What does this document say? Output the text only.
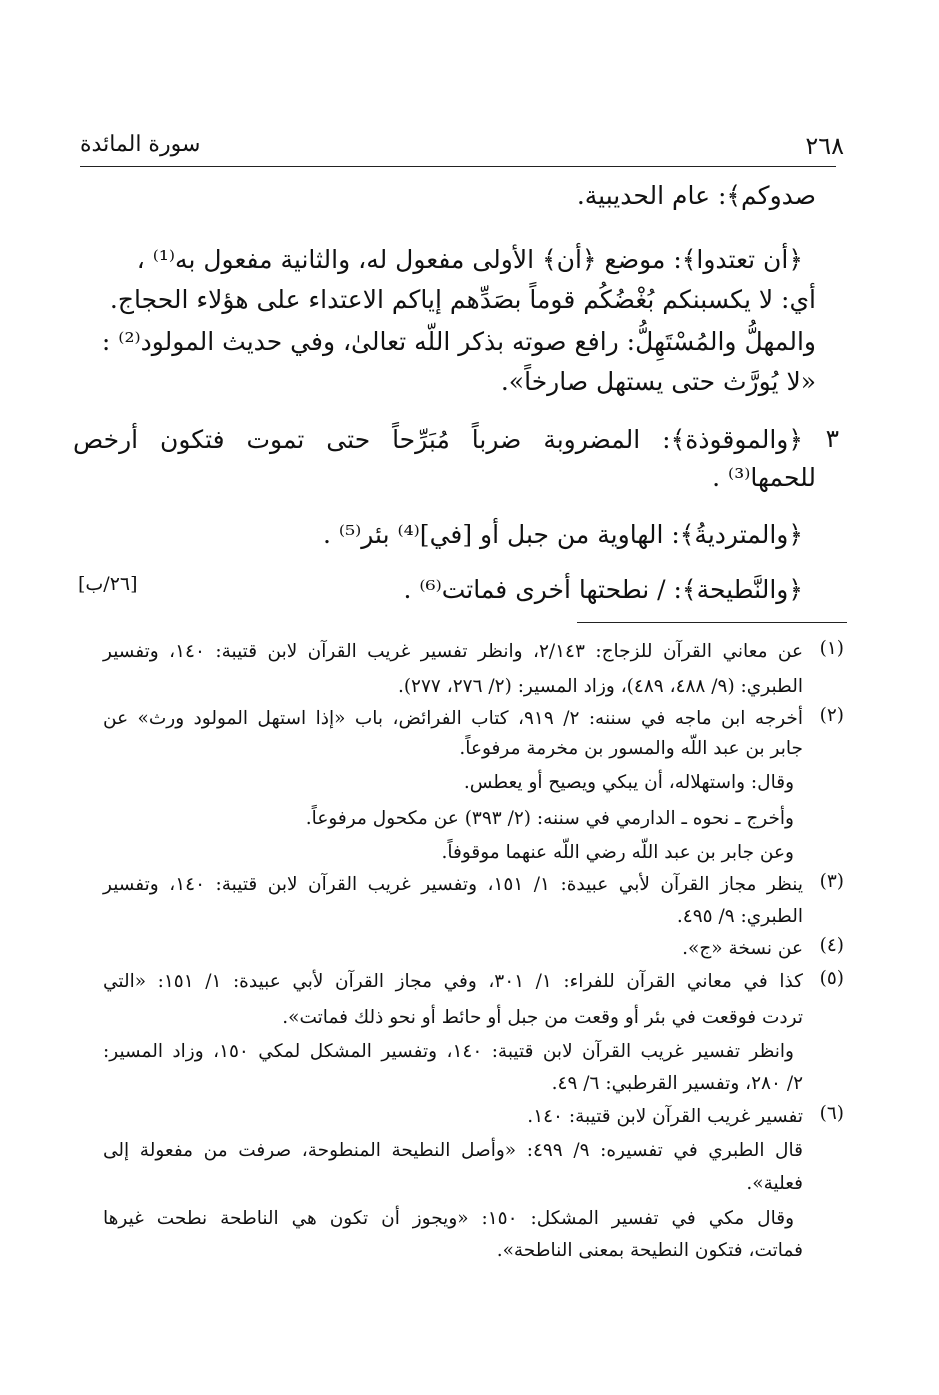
٢٦٨
سورة المائدة
صدوكم﴾: عام الحديبية.
﴿أن تعتدوا﴾: موضع ﴿أن﴾ الأولى مفعول له، والثانية مفعول به⁽¹⁾ ،
أي: لا يكسبنكم بُغْضُكُم قوماً بصَدِّهم إياكم الاعتداء على هؤلاء الحجاج.
والمهلُّ والمُسْتَهِلُّ: رافع صوته بذكر اللّه تعالىٰ، وفي حديث المولود⁽²⁾ :
«لا يُورَّث حتى يستهل صارخاً».
٣
﴿والموقوذة﴾: المضروبة ضرباً مُبَرِّحاً حتى تموت فتكون أرخص
للحمها⁽³⁾ .
﴿والمترديةُ﴾: الهاوية من جبل أو [في]⁽⁴⁾ بئر⁽⁵⁾ .
﴿والنَّطيحة﴾: / نطحتها أخرى فماتت⁽⁶⁾ .
[٢٦/ب]
(١)
عن معاني القرآن للزجاج: ٢/١٤٣، وانظر تفسير غريب القرآن لابن قتيبة: ١٤٠، وتفسير
الطبري: (٩/ ٤٨٨، ٤٨٩)، وزاد المسير: (٢/ ٢٧٦، ٢٧٧).
(٢)
أخرجه ابن ماجه في سننه: ٢/ ٩١٩، كتاب الفرائض، باب «إذا استهل المولود ورث» عن
جابر بن عبد اللّه والمسور بن مخرمة مرفوعاً.
وقال: واستهلاله، أن يبكي ويصيح أو يعطس.
وأخرج ـ نحوه ـ الدارمي في سننه: (٢/ ٣٩٣) عن مكحول مرفوعاً.
وعن جابر بن عبد اللّه رضي اللّه عنهما موقوفاً.
(٣)
ينظر مجاز القرآن لأبي عبيدة: ١/ ١٥١، وتفسير غريب القرآن لابن قتيبة: ١٤٠، وتفسير
الطبري: ٩/ ٤٩٥.
(٤)
عن نسخة «ج».
(٥)
كذا في معاني القرآن للفراء: ١/ ٣٠١، وفي مجاز القرآن لأبي عبيدة: ١/ ١٥١: «التي
تردت فوقعت في بئر أو وقعت من جبل أو حائط أو نحو ذلك فماتت».
وانظر تفسير غريب القرآن لابن قتيبة: ١٤٠، وتفسير المشكل لمكي ١٥٠، وزاد المسير:
٢/ ٢٨٠، وتفسير القرطبي: ٦/ ٤٩.
(٦)
تفسير غريب القرآن لابن قتيبة: ١٤٠.
قال الطبري في تفسيره: ٩/ ٤٩٩: «وأصل النطيحة المنطوحة، صرفت من مفعولة إلى
فعلية».
وقال مكي في تفسير المشكل: ١٥٠: «ويجوز أن تكون هي الناطحة نطحت غيرها
فماتت، فتكون النطيحة بمعنى الناطحة».
